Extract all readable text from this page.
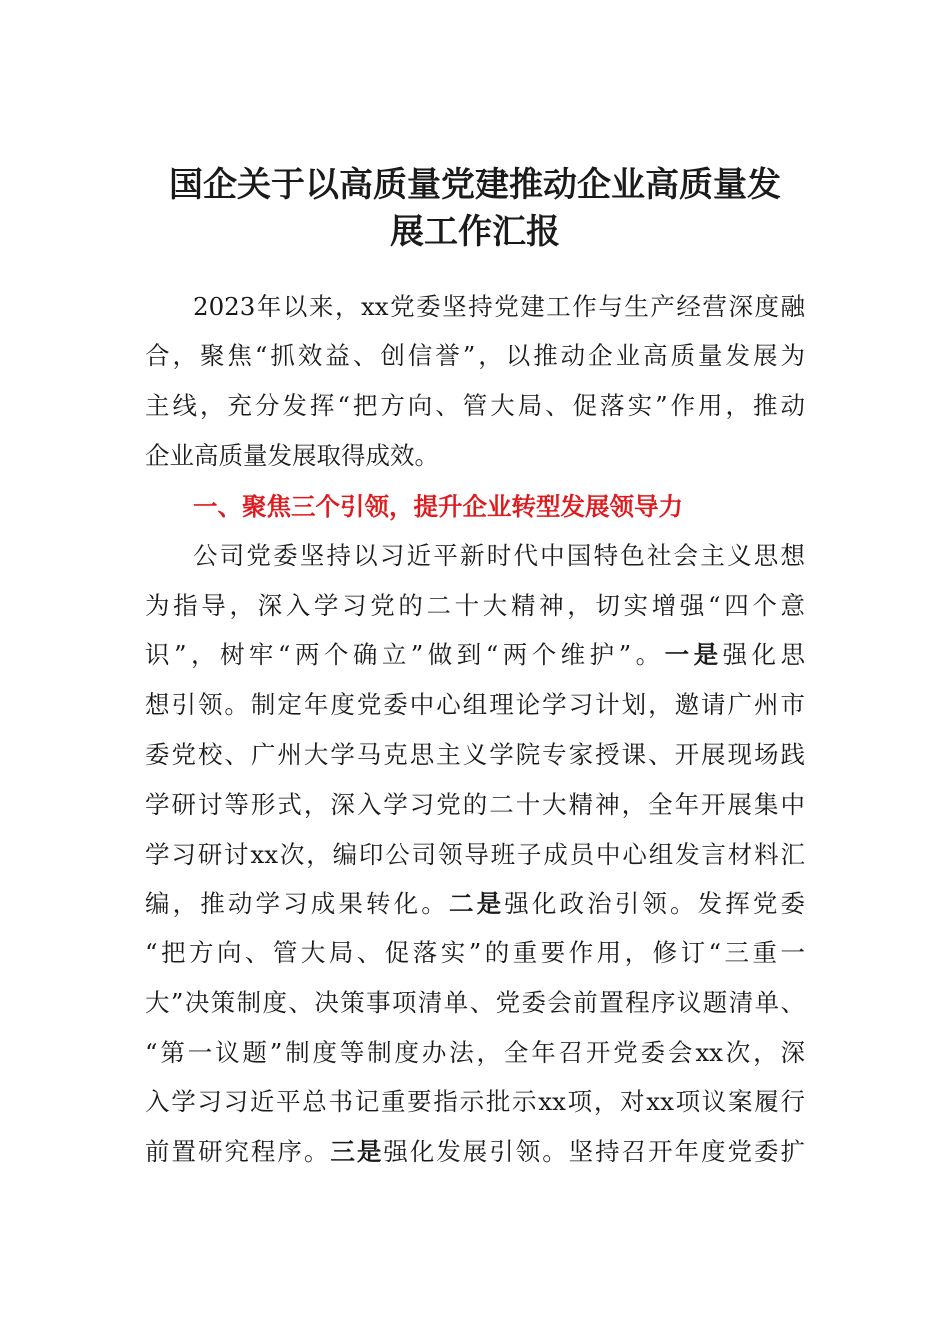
国企关于以高质量党建推动企业高质量发
展工作汇报
2023年以来，xx党委坚持党建工作与生产经营深度融
合，聚焦“抓效益、创信誉”，以推动企业高质量发展为
主线，充分发挥“把方向、管大局、促落实”作用，推动
企业高质量发展取得成效。
一、聚焦三个引领，提升企业转型发展领导力
公司党委坚持以习近平新时代中国特色社会主义思想
为指导，深入学习党的二十大精神，切实增强“四个意
识”，树牢“两个确立”做到“两个维护”。一是强化思
想引领。制定年度党委中心组理论学习计划，邀请广州市
委党校、广州大学马克思主义学院专家授课、开展现场践
学研讨等形式，深入学习党的二十大精神，全年开展集中
学习研讨xx次，编印公司领导班子成员中心组发言材料汇
编，推动学习成果转化。二是强化政治引领。发挥党委
“把方向、管大局、促落实”的重要作用，修订“三重一
大”决策制度、决策事项清单、党委会前置程序议题清单、
“第一议题”制度等制度办法，全年召开党委会xx次，深
入学习习近平总书记重要指示批示xx项，对xx项议案履行
前置研究程序。三是强化发展引领。坚持召开年度党委扩
